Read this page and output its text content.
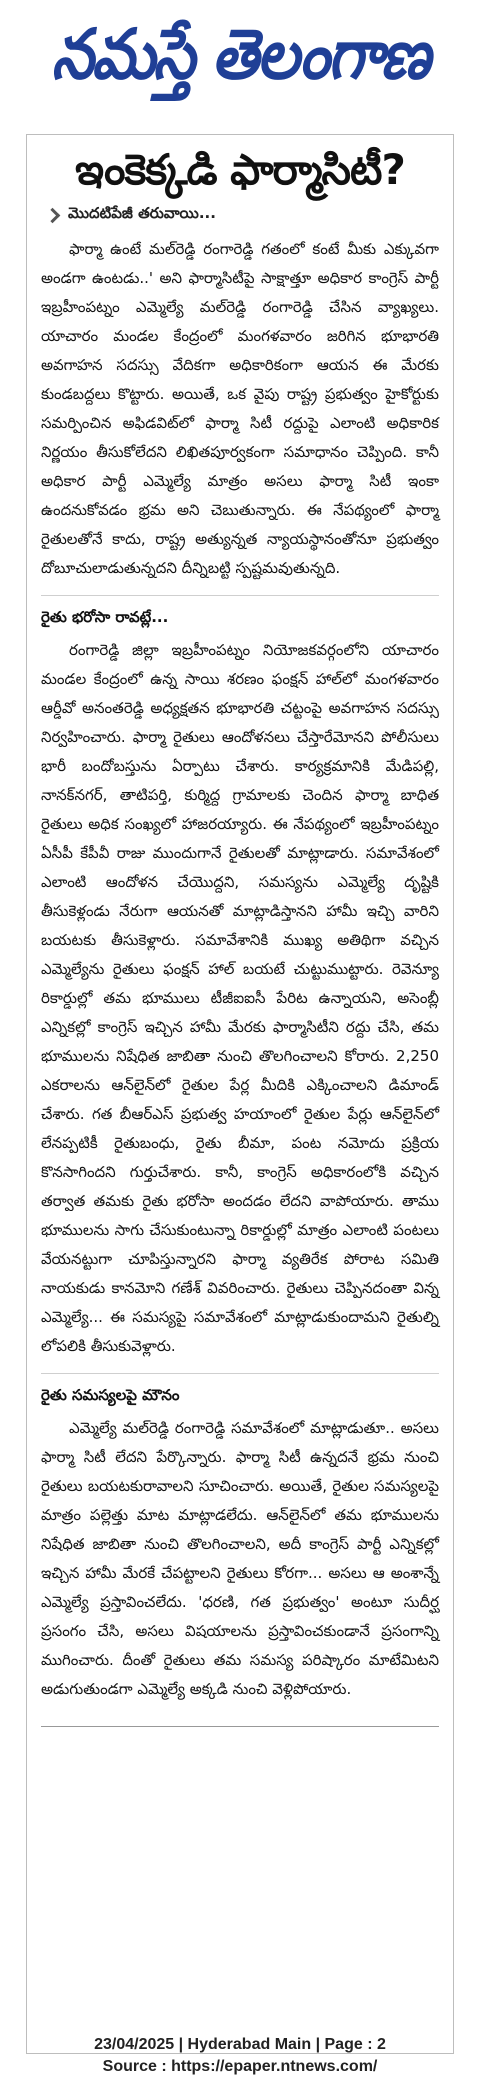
నమస్తే తెలంగాణ
ఇంకెక్కడి ఫార్మాసిటీ?
మొదటిపేజీ తరువాయి...

ఫార్మా ఉంటే మల్‌రెడ్డి రంగారెడ్డి గతంలో కంటే మీకు ఎక్కువగా అండగా ఉంటడు..' అని ఫార్మాసిటీపై సాక్షాత్తూ అధికార కాంగ్రెస్ పార్టీ ఇబ్రహీంపట్నం ఎమ్మెల్యే మల్‌రెడ్డి రంగారెడ్డి చేసిన వ్యాఖ్యలు. యాచారం మండల కేంద్రంలో మంగళవారం జరిగిన భూభారతి అవగాహన సదస్సు వేదికగా అధికారికంగా ఆయన ఈ మేరకు కుండబద్దలు కొట్టారు. అయితే, ఒక వైపు రాష్ట్ర ప్రభుత్వం హైకోర్టుకు సమర్పించిన అఫిడవిట్‌లో ఫార్మా సిటీ రద్దుపై ఎలాంటి అధికారిక నిర్ణయం తీసుకోలేదని లిఖితపూర్వకంగా సమాధానం చెప్పింది. కానీ అధికార పార్టీ ఎమ్మెల్యే మాత్రం అసలు ఫార్మా సిటీ ఇంకా ఉందనుకోవడం భ్రమ అని చెబుతున్నారు. ఈ నేపథ్యంలో ఫార్మా రైతులతోనే కాదు, రాష్ట్ర అత్యున్నత న్యాయస్థానంతోనూ ప్రభుత్వం దోబూచులాడుతున్నదని దీన్నిబట్టి స్పష్టమవుతున్నది.

రైతు భరోసా రావట్లే...

రంగారెడ్డి జిల్లా ఇబ్రహీంపట్నం నియోజకవర్గంలోని యాచారం మండల కేంద్రంలో ఉన్న సాయి శరణం ఫంక్షన్ హాల్‌లో మంగళవారం ఆర్డీవో అనంతరెడ్డి అధ్యక్షతన భూభారతి చట్టంపై అవగాహన సదస్సు నిర్వహించారు. ఫార్మా రైతులు ఆందోళనలు చేస్తారేమోనని పోలీసులు భారీ బందోబస్తును ఏర్పాటు చేశారు. కార్యక్రమానికి మేడిపల్లి, నానక్‌నగర్, తాటిపర్తి, కుర్మిద్ద గ్రామాలకు చెందిన ఫార్మా బాధిత రైతులు అధిక సంఖ్యలో హాజరయ్యారు. ఈ నేపథ్యంలో ఇబ్రహీంపట్నం ఏసీపీ కేపీవీ రాజు ముందుగానే రైతులతో మాట్లాడారు. సమావేశంలో ఎలాంటి ఆందోళన చేయొద్దని, సమస్యను ఎమ్మెల్యే దృష్టికి తీసుకెళ్లండు నేరుగా ఆయనతో మాట్లాడిస్తానని హామీ ఇచ్చి వారిని బయటకు తీసుకెళ్లారు. సమావేశానికి ముఖ్య అతిథిగా వచ్చిన ఎమ్మెల్యేను రైతులు ఫంక్షన్ హాల్ బయటే చుట్టుముట్టారు. రెవెన్యూ రికార్డుల్లో తమ భూములు టీజీఐఐసీ పేరిట ఉన్నాయని, అసెంబ్లీ ఎన్నికల్లో కాంగ్రెస్ ఇచ్చిన హామీ మేరకు ఫార్మాసిటీని రద్దు చేసి, తమ భూములను నిషేధిత జాబితా నుంచి తొలగించాలని కోరారు. 2,250 ఎకరాలను ఆన్‌లైన్‌లో రైతుల పేర్ల మీదికి ఎక్కించాలని డిమాండ్ చేశారు. గత బీఆర్ఎస్ ప్రభుత్వ హయాంలో రైతుల పేర్లు ఆన్‌లైన్‌లో లేనప్పటికీ రైతుబంధు, రైతు బీమా, పంట నమోదు ప్రక్రియ కొనసాగిందని గుర్తుచేశారు. కానీ, కాంగ్రెస్ అధికారంలోకి వచ్చిన తర్వాత తమకు రైతు భరోసా అందడం లేదని వాపోయారు. తాము భూములను సాగు చేసుకుంటున్నా రికార్డుల్లో మాత్రం ఎలాంటి పంటలు వేయనట్టుగా చూపిస్తున్నారని ఫార్మా వ్యతిరేక పోరాట సమితి నాయకుడు కానమోని గణేశ్ వివరించారు. రైతులు చెప్పినదంతా విన్న ఎమ్మెల్యే... ఈ సమస్యపై సమావేశంలో మాట్లాడుకుందామని రైతుల్ని లోపలికి తీసుకువెళ్లారు.

రైతు సమస్యలపై మౌనం

ఎమ్మెల్యే మల్‌రెడ్డి రంగారెడ్డి సమావేశంలో మాట్లాడుతూ.. అసలు ఫార్మా సిటీ లేదని పేర్కొన్నారు. ఫార్మా సిటీ ఉన్నదనే భ్రమ నుంచి రైతులు బయటకురావాలని సూచించారు. అయితే, రైతుల సమస్యలపై మాత్రం పల్లెత్తు మాట మాట్లాడలేదు. ఆన్‌లైన్‌లో తమ భూములను నిషేధిత జాబితా నుంచి తొలగించాలని, అదీ కాంగ్రెస్ పార్టీ ఎన్నికల్లో ఇచ్చిన హామీ మేరకే చేపట్టాలని రైతులు కోరగా... అసలు ఆ అంశాన్నే ఎమ్మెల్యే ప్రస్తావించలేదు. 'ధరణి, గత ప్రభుత్వం' అంటూ సుదీర్ఘ ప్రసంగం చేసి, అసలు విషయాలను ప్రస్తావించకుండానే ప్రసంగాన్ని ముగించారు. దీంతో రైతులు తమ సమస్య పరిష్కారం మాటేమిటని అడుగుతుండగా ఎమ్మెల్యే అక్కడి నుంచి వెళ్లిపోయారు.

23/04/2025 | Hyderabad Main | Page : 2
Source : https://epaper.ntnews.com/
